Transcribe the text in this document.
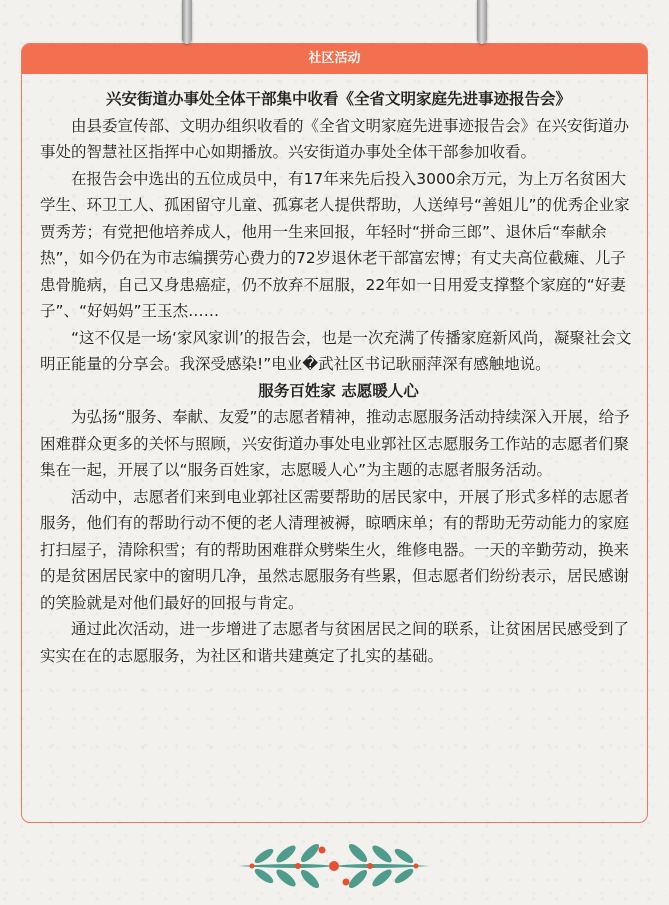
社区活动
兴安街道办事处全体干部集中收看《全省文明家庭先进事迹报告会》

由县委宣传部、文明办组织收看的《全省文明家庭先进事迹报告会》在兴安街道办事处的智慧社区指挥中心如期播放。兴安街道办事处全体干部参加收看。

在报告会中选出的五位成员中，有17年来先后投入3000余万元，为上万名贫困大学生、环卫工人、孤困留守儿童、孤寡老人提供帮助，人送绰号“善姐儿”的优秀企业家贾秀芳；有党把他培养成人，他用一生来回报，年轻时“拼命三郎”、退休后“奉献余热”，如今仍在为市志编撰劳心费力的72岁退休老干部富宏博；有丈夫高位截瘫、儿子患骨脆病，自己又身患癌症，仍不放弃不屈服，22年如一日用爱支撑整个家庭的“好妻子”、“好妈妈”王玉杰……

“这不仅是一场‘家风家训’的报告会，也是一次充满了传播家庭新风尚，凝聚社会文明正能量的分享会。我深受感染!”电业�武社区书记耿丽萍深有感触地说。

服务百姓家 志愿暖人心

为弘扬“服务、奉献、友爱”的志愿者精神，推动志愿服务活动持续深入开展，给予困难群众更多的关怀与照顾，兴安街道办事处电业郭社区志愿服务工作站的志愿者们聚集在一起，开展了以“服务百姓家，志愿暖人心”为主题的志愿者服务活动。

活动中，志愿者们来到电业郭社区需要帮助的居民家中，开展了形式多样的志愿者服务，他们有的帮助行动不便的老人清理被褥，晾晒床单；有的帮助无劳动能力的家庭打扫屋子，清除积雪；有的帮助困难群众劈柴生火，维修电器。一天的辛勤劳动，换来的是贫困居民家中的窗明几净，虽然志愿服务有些累，但志愿者们纷纷表示，居民感谢的笑脸就是对他们最好的回报与肯定。

通过此次活动，进一步增进了志愿者与贫困居民之间的联系，让贫困居民感受到了实实在在的志愿服务，为社区和谐共建奠定了扎实的基础。
